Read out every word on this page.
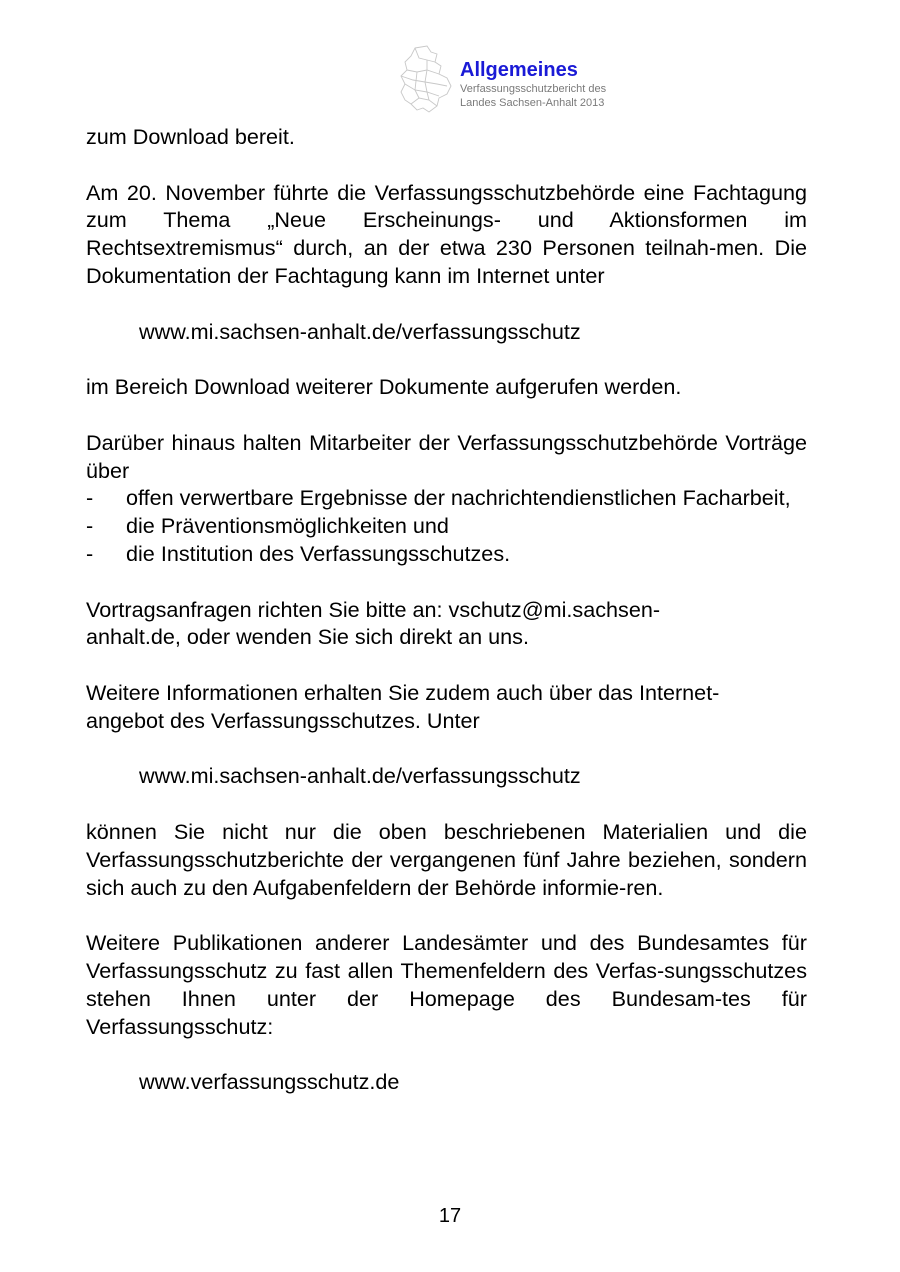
Allgemeines
Verfassungsschutzbericht des
Landes Sachsen-Anhalt 2013

zum Download bereit.

Am 20. November führte die Verfassungsschutzbehörde eine Fachtagung zum Thema „Neue Erscheinungs- und Aktionsformen im Rechtsextremismus“ durch, an der etwa 230 Personen teilnah-men. Die Dokumentation der Fachtagung kann im Internet unter

www.mi.sachsen-anhalt.de/verfassungsschutz

im Bereich Download weiterer Dokumente aufgerufen werden.

Darüber hinaus halten Mitarbeiter der Verfassungsschutzbehörde Vorträge über

- offen verwertbare Ergebnisse der nachrichtendienstlichen Facharbeit,
- die Präventionsmöglichkeiten und
- die Institution des Verfassungsschutzes.
Vortragsanfragen richten Sie bitte an: vschutz@mi.sachsen-
anhalt.de, oder wenden Sie sich direkt an uns.
Weitere Informationen erhalten Sie zudem auch über das Internet-
angebot des Verfassungsschutzes. Unter
www.mi.sachsen-anhalt.de/verfassungsschutz

können Sie nicht nur die oben beschriebenen Materialien und die Verfassungsschutzberichte der vergangenen fünf Jahre beziehen, sondern sich auch zu den Aufgabenfeldern der Behörde informie-ren.

Weitere Publikationen anderer Landesämter und des Bundesamtes für Verfassungsschutz zu fast allen Themenfeldern des Verfas-sungsschutzes stehen Ihnen unter der Homepage des Bundesam-tes für Verfassungsschutz:

www.verfassungsschutz.de
17
